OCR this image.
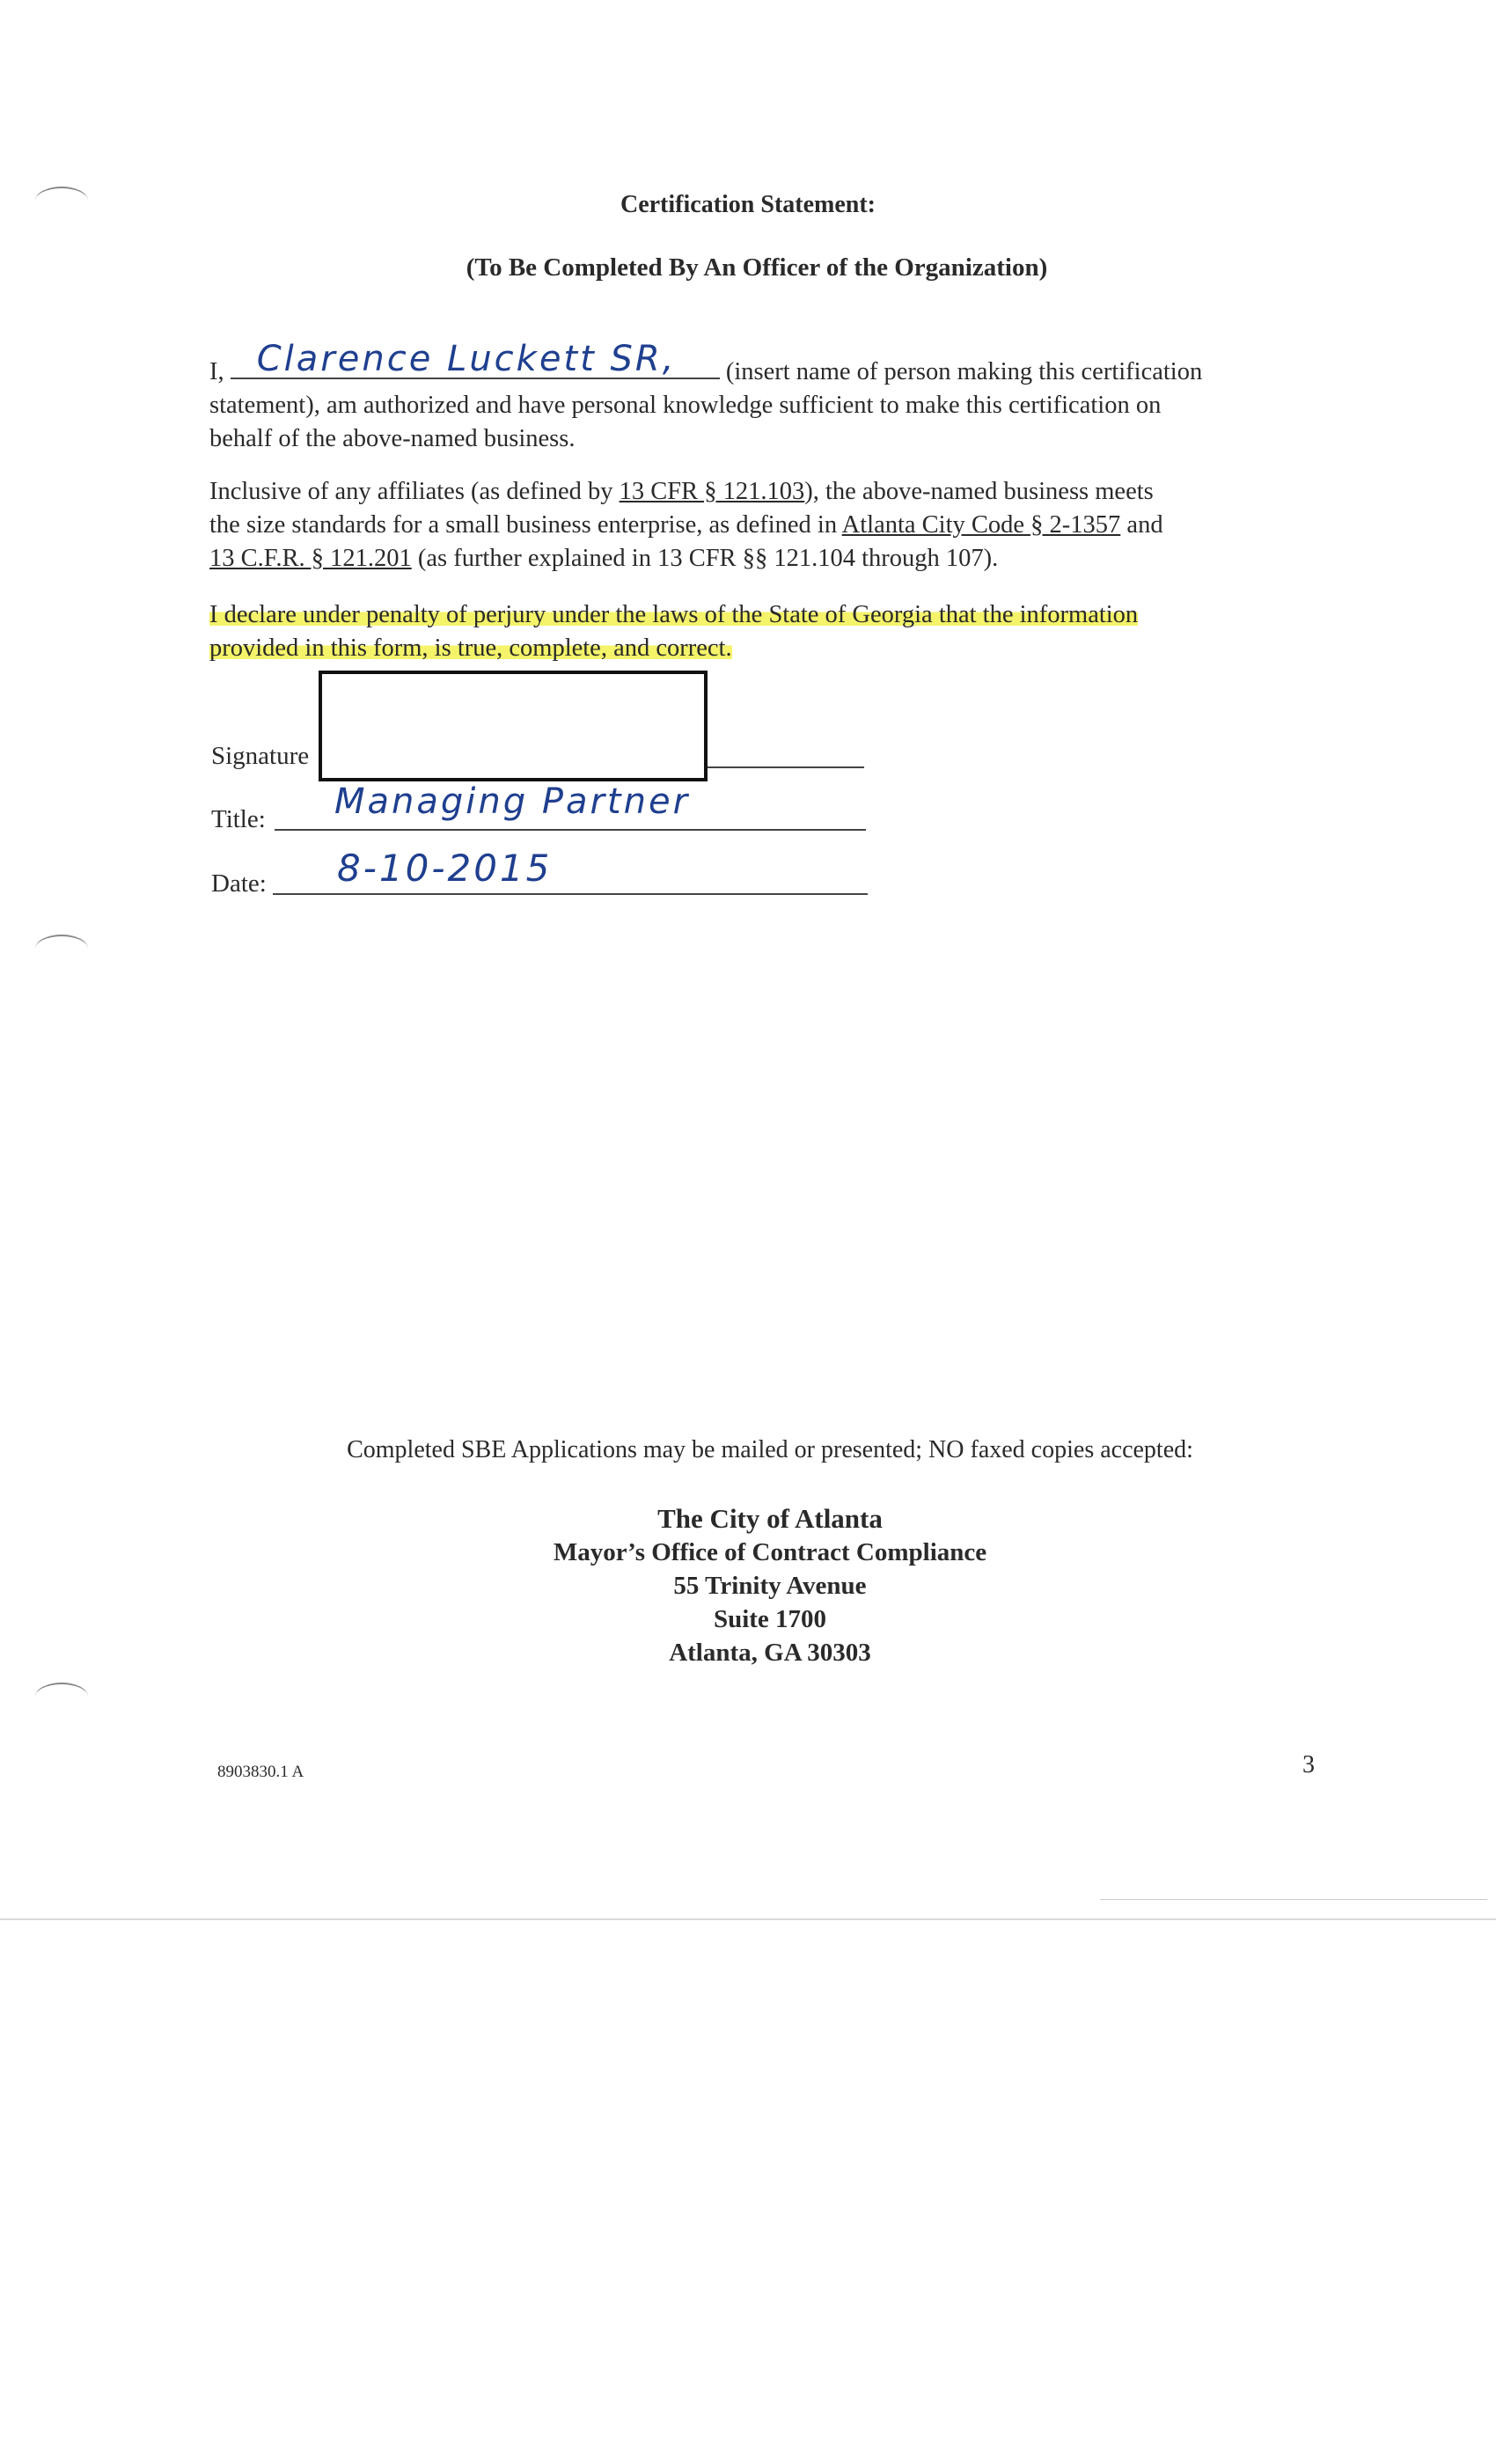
Certification Statement:
(To Be Completed By An Officer of the Organization)
I, Clarence Luckett SR, (insert name of person making this certification
statement), am authorized and have personal knowledge sufficient to make this certification on
behalf of the above-named business.
Inclusive of any affiliates (as defined by 13 CFR § 121.103), the above-named business meets
the size standards for a small business enterprise, as defined in Atlanta City Code § 2-1357 and
13 C.F.R. § 121.201 (as further explained in 13 CFR §§ 121.104 through 107).
I declare under penalty of perjury under the laws of the State of Georgia that the information
provided in this form, is true, complete, and correct.
Signature
Title: Managing Partner
Date: 8-10-2015
Completed SBE Applications may be mailed or presented; NO faxed copies accepted:
The City of Atlanta
Mayor’s Office of Contract Compliance
55 Trinity Avenue
Suite 1700
Atlanta, GA 30303
8903830.1 A	3
